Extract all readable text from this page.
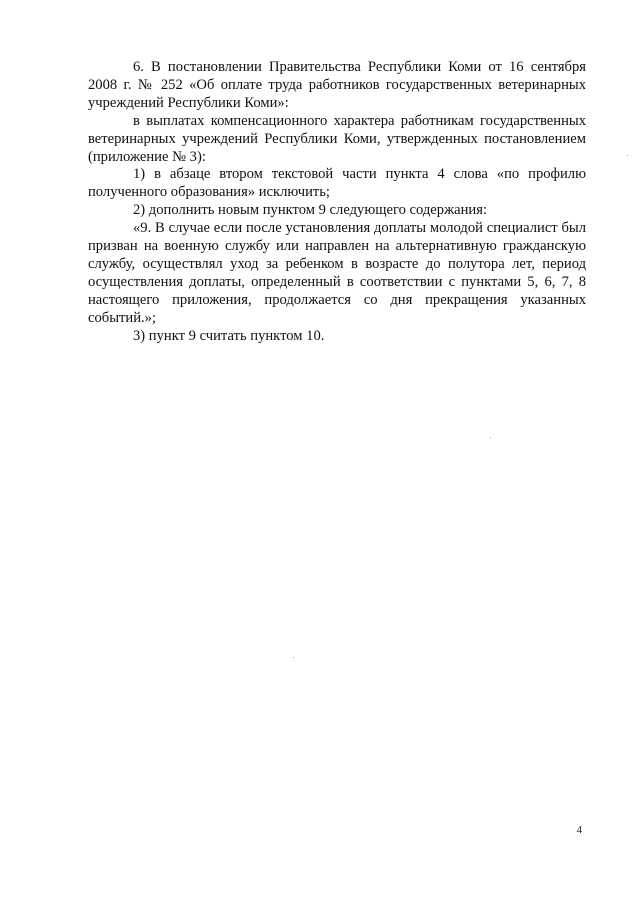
6. В постановлении Правительства Республики Коми от 16 сентября 2008 г. № 252 «Об оплате труда работников государственных ветеринарных учреждений Республики Коми»:

в выплатах компенсационного характера работникам государственных ветеринарных учреждений Республики Коми, утвержденных постановлением (приложение № 3):

1) в абзаце втором текстовой части пункта 4 слова «по профилю полученного образования» исключить;

2) дополнить новым пунктом 9 следующего содержания:

«9. В случае если после установления доплаты молодой специалист был призван на военную службу или направлен на альтернативную гражданскую службу, осуществлял уход за ребенком в возрасте до полутора лет, период осуществления доплаты, определенный в соответствии с пунктами 5, 6, 7, 8 настоящего приложения, продолжается со дня прекращения указанных событий.»;

3) пункт 9 считать пунктом 10.

4
